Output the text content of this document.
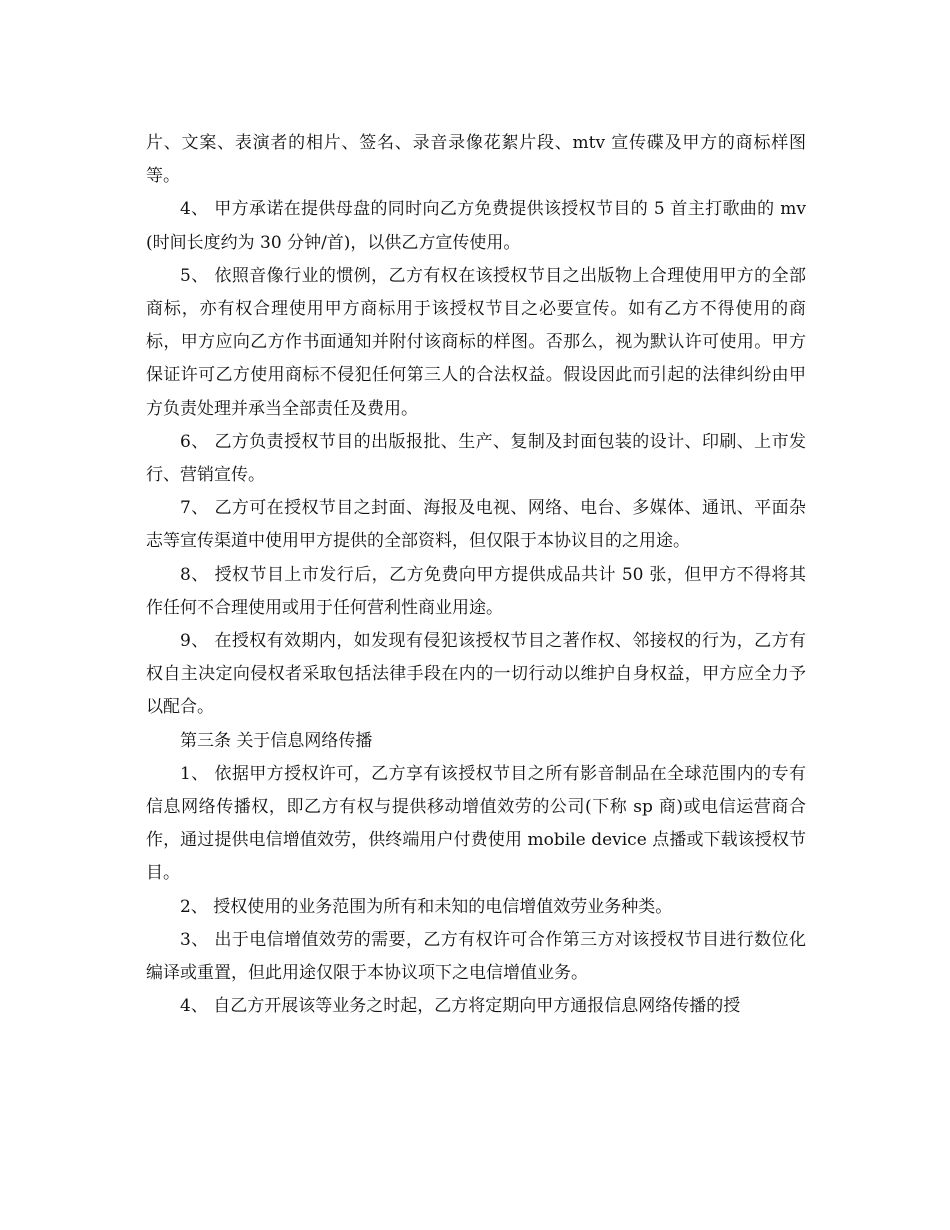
片、文案、表演者的相片、签名、录音录像花絮片段、mtv 宣传碟及甲方的商标样图等。

4、 甲方承诺在提供母盘的同时向乙方免费提供该授权节目的 5 首主打歌曲的 mv(时间长度约为 30 分钟/首)，以供乙方宣传使用。

5、 依照音像行业的惯例，乙方有权在该授权节目之出版物上合理使用甲方的全部商标，亦有权合理使用甲方商标用于该授权节目之必要宣传。如有乙方不得使用的商标，甲方应向乙方作书面通知并附付该商标的样图。否那么，视为默认许可使用。甲方保证许可乙方使用商标不侵犯任何第三人的合法权益。假设因此而引起的法律纠纷由甲方负责处理并承当全部责任及费用。

6、 乙方负责授权节目的出版报批、生产、复制及封面包装的设计、印刷、上市发行、营销宣传。

7、 乙方可在授权节目之封面、海报及电视、网络、电台、多媒体、通讯、平面杂志等宣传渠道中使用甲方提供的全部资料，但仅限于本协议目的之用途。

8、 授权节目上市发行后，乙方免费向甲方提供成品共计 50 张，但甲方不得将其作任何不合理使用或用于任何营利性商业用途。

9、 在授权有效期内，如发现有侵犯该授权节目之著作权、邻接权的行为，乙方有权自主决定向侵权者采取包括法律手段在内的一切行动以维护自身权益，甲方应全力予以配合。

第三条 关于信息网络传播

1、 依据甲方授权许可，乙方享有该授权节目之所有影音制品在全球范围内的专有信息网络传播权，即乙方有权与提供移动增值效劳的公司(下称 sp 商)或电信运营商合作，通过提供电信增值效劳，供终端用户付费使用 mobile device 点播或下载该授权节目。

2、 授权使用的业务范围为所有和未知的电信增值效劳业务种类。

3、 出于电信增值效劳的需要，乙方有权许可合作第三方对该授权节目进行数位化编译或重置，但此用途仅限于本协议项下之电信增值业务。

4、 自乙方开展该等业务之时起，乙方将定期向甲方通报信息网络传播的授
